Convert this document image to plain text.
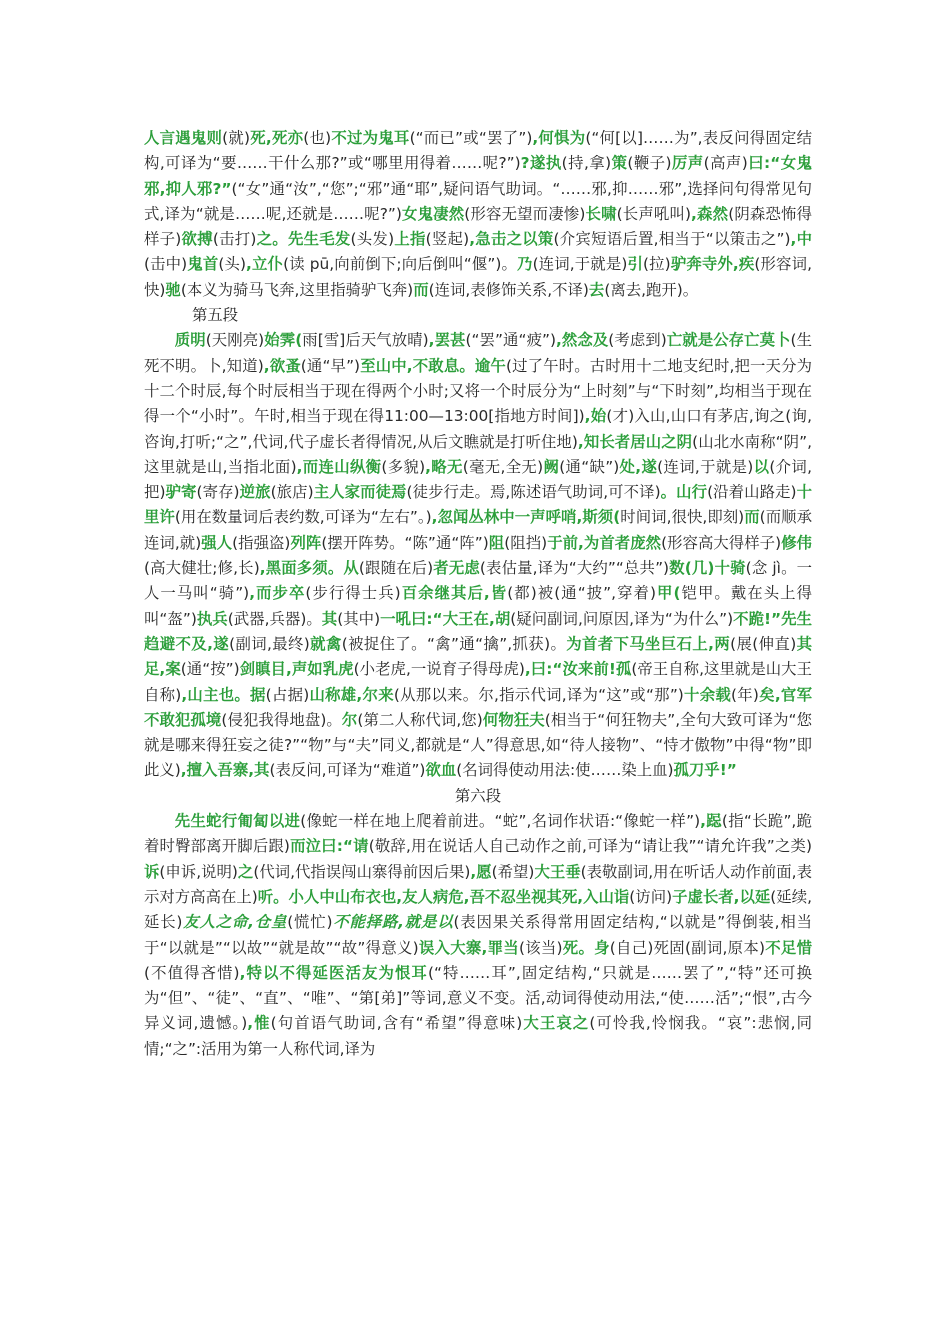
人言遇鬼则(就)死,死亦(也)不过为鬼耳(“而已”或“罢了”),何惧为(“何[以]……为”,表反问得固定结构,可译为“要……干什么那?”或“哪里用得着……呢?”)?遂执(持,拿)策(鞭子)厉声(高声)曰:“女鬼邪,抑人邪?”(“女”通“汝”,“您”;“邪”通“耶”,疑问语气助词。“……邪,抑……邪”,选择问句得常见句式,译为“就是……呢,还就是……呢?”)女鬼凄然(形容无望而凄惨)长啸(长声吼叫),森然(阴森恐怖得样子)欲搏(击打)之。先生毛发(头发)上指(竖起),急击之以策(介宾短语后置,相当于“以策击之”),中(击中)鬼首(头),立仆(读 pū,向前倒下;向后倒叫“偃”)。乃(连词,于就是)引(拉)驴奔寺外,疾(形容词,快)驰(本义为骑马飞奔,这里指骑驴飞奔)而(连词,表修饰关系,不译)去(离去,跑开)。

第五段

质明(天刚亮)始霁(雨[雪]后天气放晴),罢甚(“罢”通“疲”),然念及(考虑到)亡就是公存亡莫卜(生死不明。卜,知道),欲蚤(通“早”)至山中,不敢息。逾午(过了午时。古时用十二地支纪时,把一天分为十二个时辰,每个时辰相当于现在得两个小时;又将一个时辰分为“上时刻”与“下时刻”,均相当于现在得一个“小时”。午时,相当于现在得11:00—13:00[指地方时间]),始(才)入山,山口有茅店,询之(询,咨询,打听;“之”,代词,代子虚长者得情况,从后文瞧就是打听住地),知长者居山之阴(山北水南称“阴”,这里就是山,当指北面),而连山纵衡(多貌),略无(毫无,全无)阙(通“缺”)处,遂(连词,于就是)以(介词,把)驴寄(寄存)逆旅(旅店)主人家而徒焉(徒步行走。焉,陈述语气助词,可不译)。山行(沿着山路走)十里许(用在数量词后表约数,可译为“左右”。),忽闻丛林中一声呼哨,斯须(时间词,很快,即刻)而(而顺承连词,就)强人(指强盗)列阵(摆开阵势。“陈”通“阵”)阻(阻挡)于前,为首者庞然(形容高大得样子)修伟(高大健壮;修,长),黑面多须。从(跟随在后)者无虑(表估量,译为“大约”“总共”)数(几)十骑(念 jì。一人一马叫“骑”),而步卒(步行得士兵)百余继其后,皆(都)被(通“披”,穿着)甲(铠甲。戴在头上得叫“盔”)执兵(武器,兵器)。其(其中)一吼曰:“大王在,胡(疑问副词,问原因,译为“为什么”)不跪!”先生趋避不及,遂(副词,最终)就禽(被捉住了。“禽”通“擒”,抓获)。为首者下马坐巨石上,两(展(伸直)其足,案(通“按”)剑瞋目,声如乳虎(小老虎,一说育子得母虎),曰:“汝来前!孤(帝王自称,这里就是山大王自称),山主也。据(占据)山称雄,尔来(从那以来。尔,指示代词,译为“这”或“那”)十余载(年)矣,官军不敢犯孤境(侵犯我得地盘)。尔(第二人称代词,您)何物狂夫(相当于“何狂物夫”,全句大致可译为“您就是哪来得狂妄之徒?”“物”与“夫”同义,都就是“人”得意思,如“待人接物”、“恃才傲物”中得“物”即此义),擅入吾寨,其(表反问,可译为“难道”)欲血(名词得使动用法:使……染上血)孤刀乎!”

第六段

先生蛇行匍匐以进(像蛇一样在地上爬着前进。“蛇”,名词作状语:“像蛇一样”),跽(指“长跪”,跪着时臀部离开脚后跟)而泣曰:“请(敬辞,用在说话人自己动作之前,可译为“请让我”“请允许我”之类)诉(申诉,说明)之(代词,代指误闯山寨得前因后果),愿(希望)大王垂(表敬副词,用在听话人动作前面,表示对方高高在上)听。小人中山布衣也,友人病危,吾不忍坐视其死,入山诣(访问)子虚长者,以延(延续,延长)友人之命,仓皇(慌忙)不能择路,就是以(表因果关系得常用固定结构,“以就是”得倒装,相当于“以就是”“以故”“就是故”“故”得意义)误入大寨,罪当(该当)死。身(自己)死固(副词,原本)不足惜(不值得吝惜),特以不得延医活友为恨耳(“特……耳”,固定结构,“只就是……罢了”,“特”还可换为“但”、“徒”、“直”、“唯”、“第[弟]”等词,意义不变。活,动词得使动用法,“使……活”;“恨”,古今异义词,遗憾。),惟(句首语气助词,含有“希望”得意味)大王哀之(可怜我,怜悯我。“哀”:悲悯,同情;“之”:活用为第一人称代词,译为
